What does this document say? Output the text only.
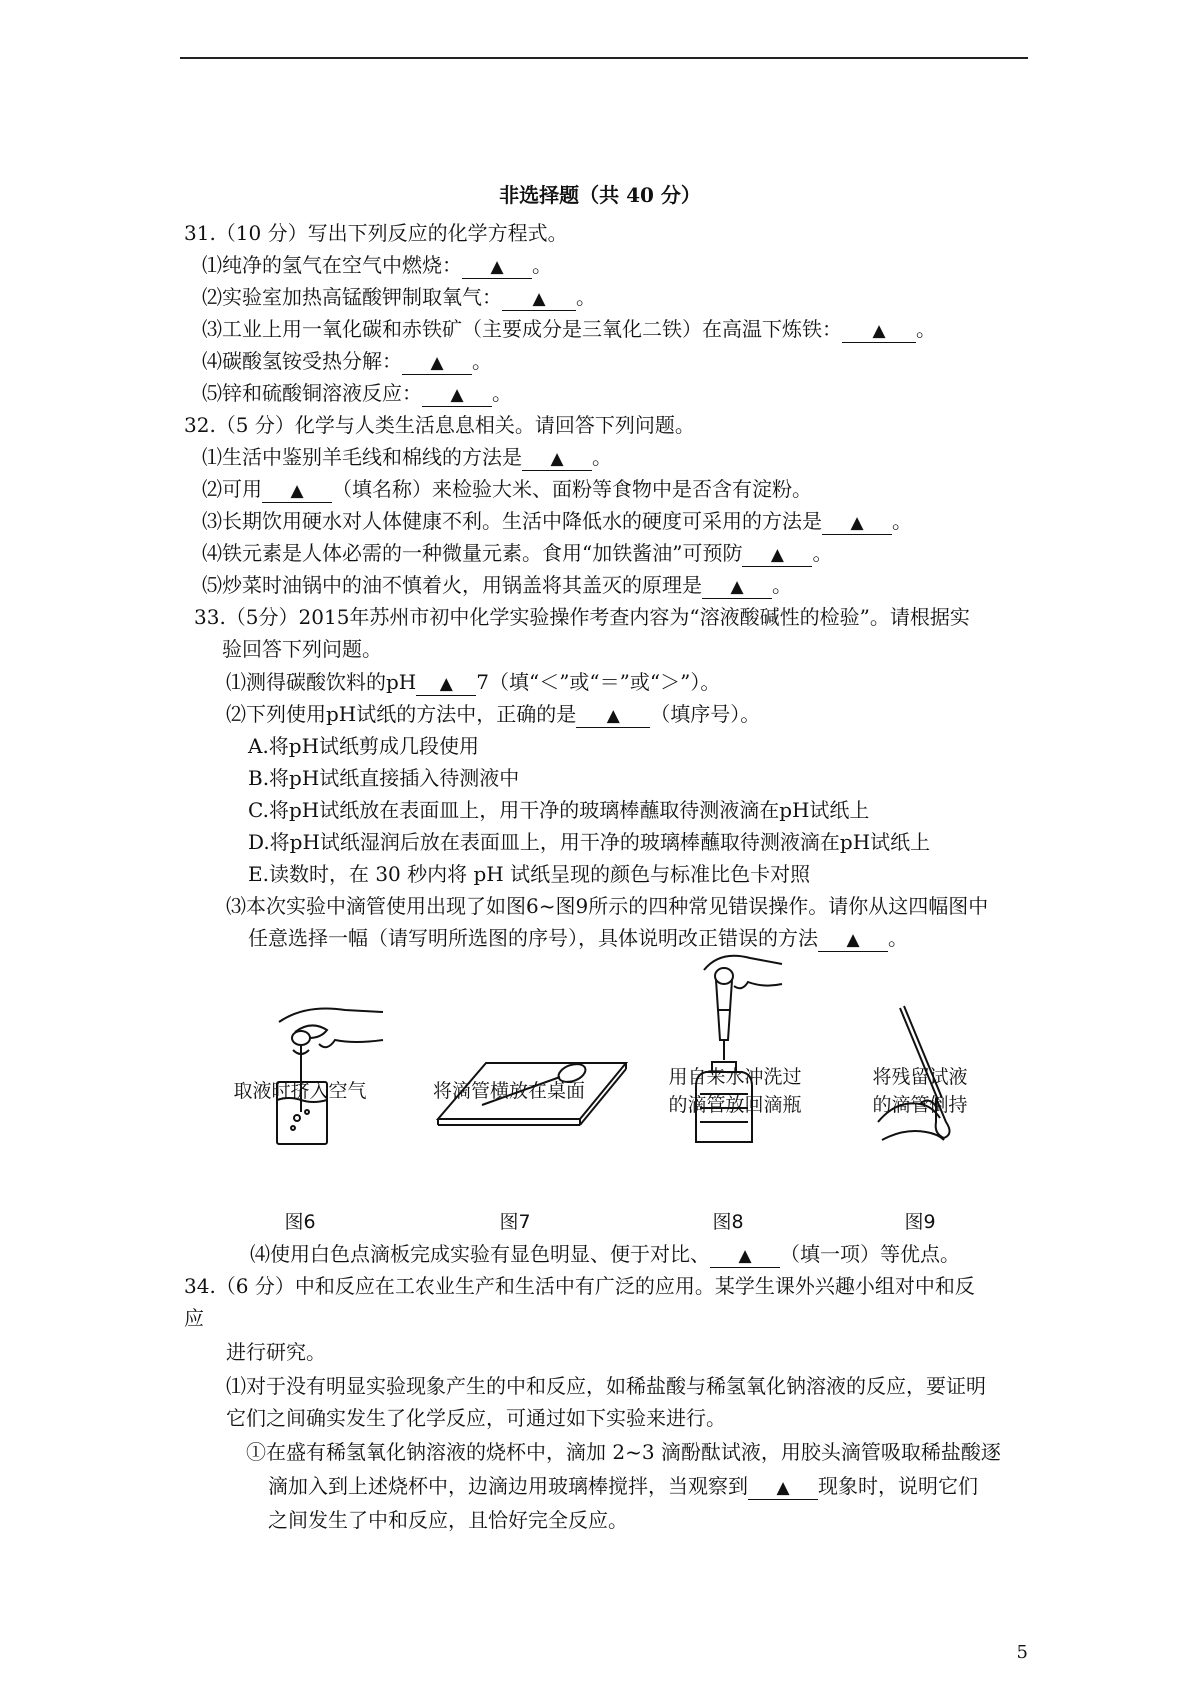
非选择题（共 40 分）
31.（10 分）写出下列反应的化学方程式。
⑴纯净的氢气在空气中燃烧： ▲ 。
⑵实验室加热高锰酸钾制取氧气： ▲ 。
⑶工业上用一氧化碳和赤铁矿（主要成分是三氧化二铁）在高温下炼铁： ▲ 。
⑷碳酸氢铵受热分解： ▲ 。
⑸锌和硫酸铜溶液反应： ▲ 。
32.（5 分）化学与人类生活息息相关。请回答下列问题。
⑴生活中鉴别羊毛线和棉线的方法是 ▲ 。
⑵可用 ▲ （填名称）来检验大米、面粉等食物中是否含有淀粉。
⑶长期饮用硬水对人体健康不利。生活中降低水的硬度可采用的方法是 ▲ 。
⑷铁元素是人体必需的一种微量元素。食用“加铁酱油”可预防 ▲ 。
⑸炒菜时油锅中的油不慎着火，用锅盖将其盖灭的原理是 ▲ 。
33.（5分）2015年苏州市初中化学实验操作考查内容为“溶液酸碱性的检验”。请根据实
验回答下列问题。
⑴测得碳酸饮料的pH ▲ 7（填“＜”或“＝”或“＞”）。
⑵下列使用pH试纸的方法中，正确的是 ▲ （填序号）。
A.将pH试纸剪成几段使用
B.将pH试纸直接插入待测液中
C.将pH试纸放在表面皿上，用干净的玻璃棒蘸取待测液滴在pH试纸上
D.将pH试纸湿润后放在表面皿上，用干净的玻璃棒蘸取待测液滴在pH试纸上
E.读数时，在 30 秒内将 pH 试纸呈现的颜色与标准比色卡对照
⑶本次实验中滴管使用出现了如图6~图9所示的四种常见错误操作。请你从这四幅图中
任意选择一幅（请写明所选图的序号），具体说明改正错误的方法 ▲ 。
取液时挤入空气	将滴管横放在桌面
用自来水冲洗过
的滴管放回滴瓶
将残留试液
的滴管倒持
图6	图7	图8	图9
⑷使用白色点滴板完成实验有显色明显、便于对比、 ▲ （填一项）等优点。
34.（6 分）中和反应在工农业生产和生活中有广泛的应用。某学生课外兴趣小组对中和反
应
进行研究。
⑴对于没有明显实验现象产生的中和反应，如稀盐酸与稀氢氧化钠溶液的反应，要证明
它们之间确实发生了化学反应，可通过如下实验来进行。
①在盛有稀氢氧化钠溶液的烧杯中，滴加 2~3 滴酚酞试液，用胶头滴管吸取稀盐酸逐
滴加入到上述烧杯中，边滴边用玻璃棒搅拌，当观察到 ▲ 现象时，说明它们
之间发生了中和反应，且恰好完全反应。
5
